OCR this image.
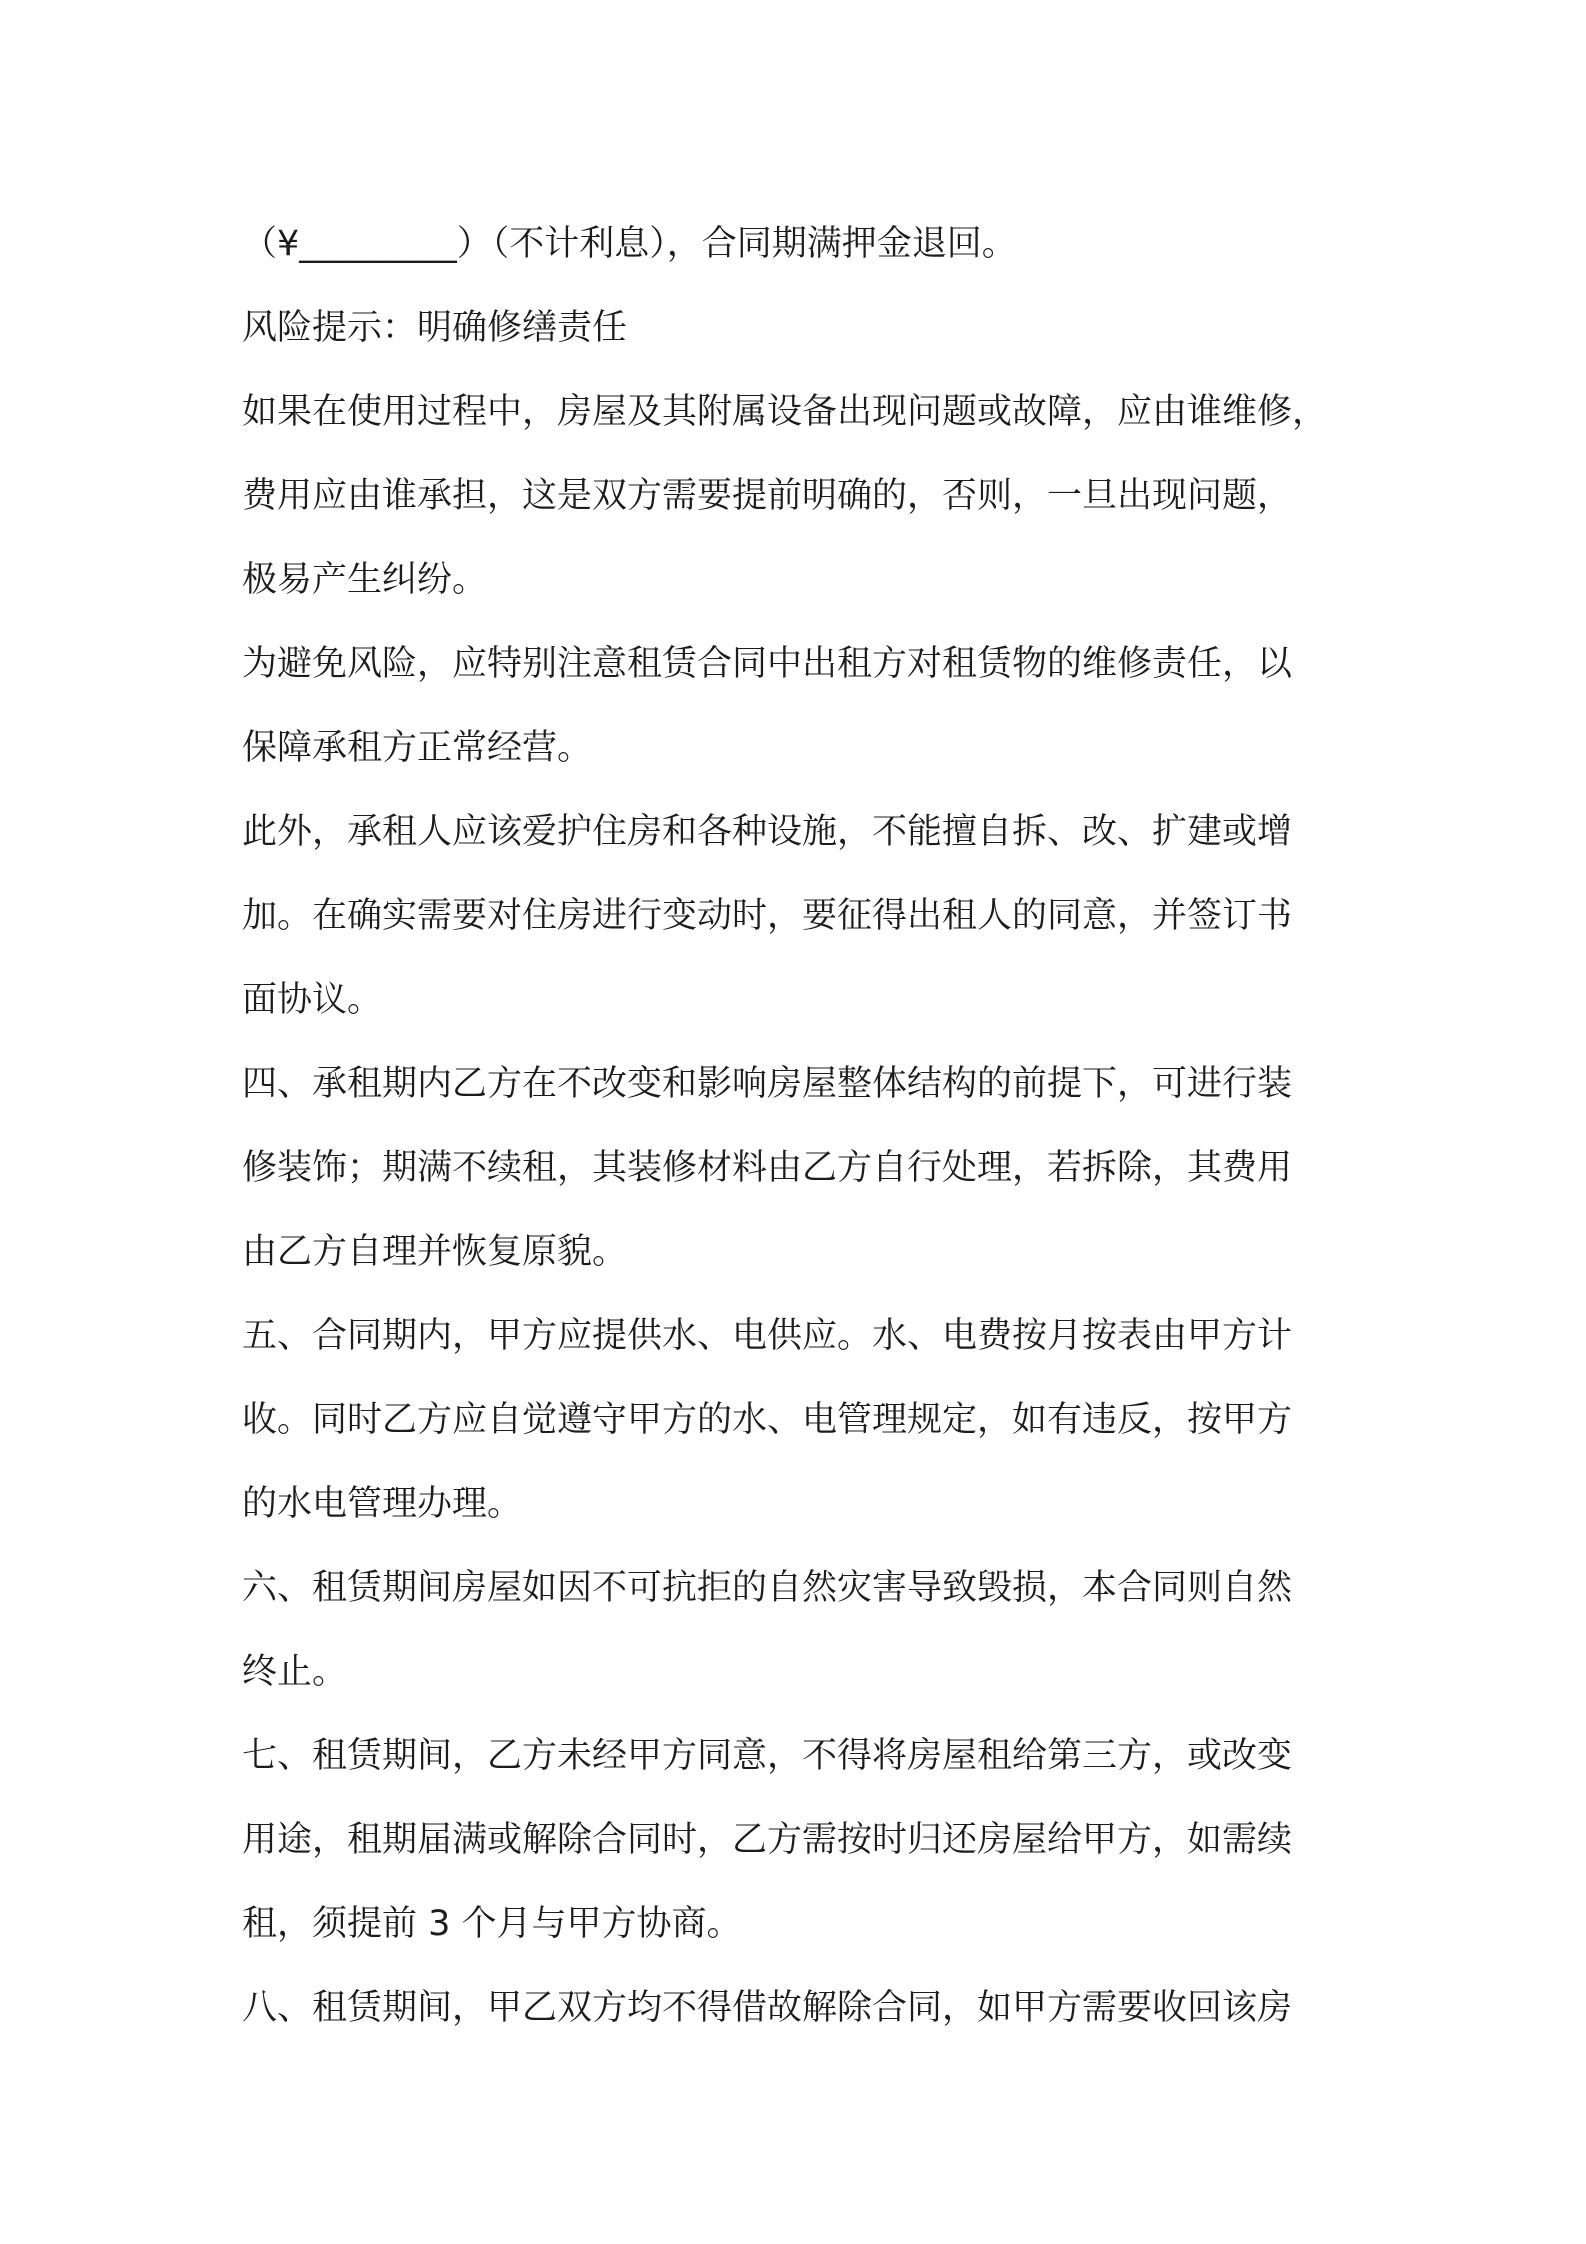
（¥_________）（不计利息），合同期满押金退回。
风险提示：明确修缮责任
如果在使用过程中，房屋及其附属设备出现问题或故障，应由谁维修，
费用应由谁承担，这是双方需要提前明确的，否则，一旦出现问题，
极易产生纠纷。
为避免风险，应特别注意租赁合同中出租方对租赁物的维修责任，以
保障承租方正常经营。
此外，承租人应该爱护住房和各种设施，不能擅自拆、改、扩建或增
加。在确实需要对住房进行变动时，要征得出租人的同意，并签订书
面协议。
四、承租期内乙方在不改变和影响房屋整体结构的前提下，可进行装
修装饰；期满不续租，其装修材料由乙方自行处理，若拆除，其费用
由乙方自理并恢复原貌。
五、合同期内，甲方应提供水、电供应。水、电费按月按表由甲方计
收。同时乙方应自觉遵守甲方的水、电管理规定，如有违反，按甲方
的水电管理办理。
六、租赁期间房屋如因不可抗拒的自然灾害导致毁损，本合同则自然
终止。
七、租赁期间，乙方未经甲方同意，不得将房屋租给第三方，或改变
用途，租期届满或解除合同时，乙方需按时归还房屋给甲方，如需续
租，须提前 3 个月与甲方协商。
八、租赁期间，甲乙双方均不得借故解除合同，如甲方需要收回该房
